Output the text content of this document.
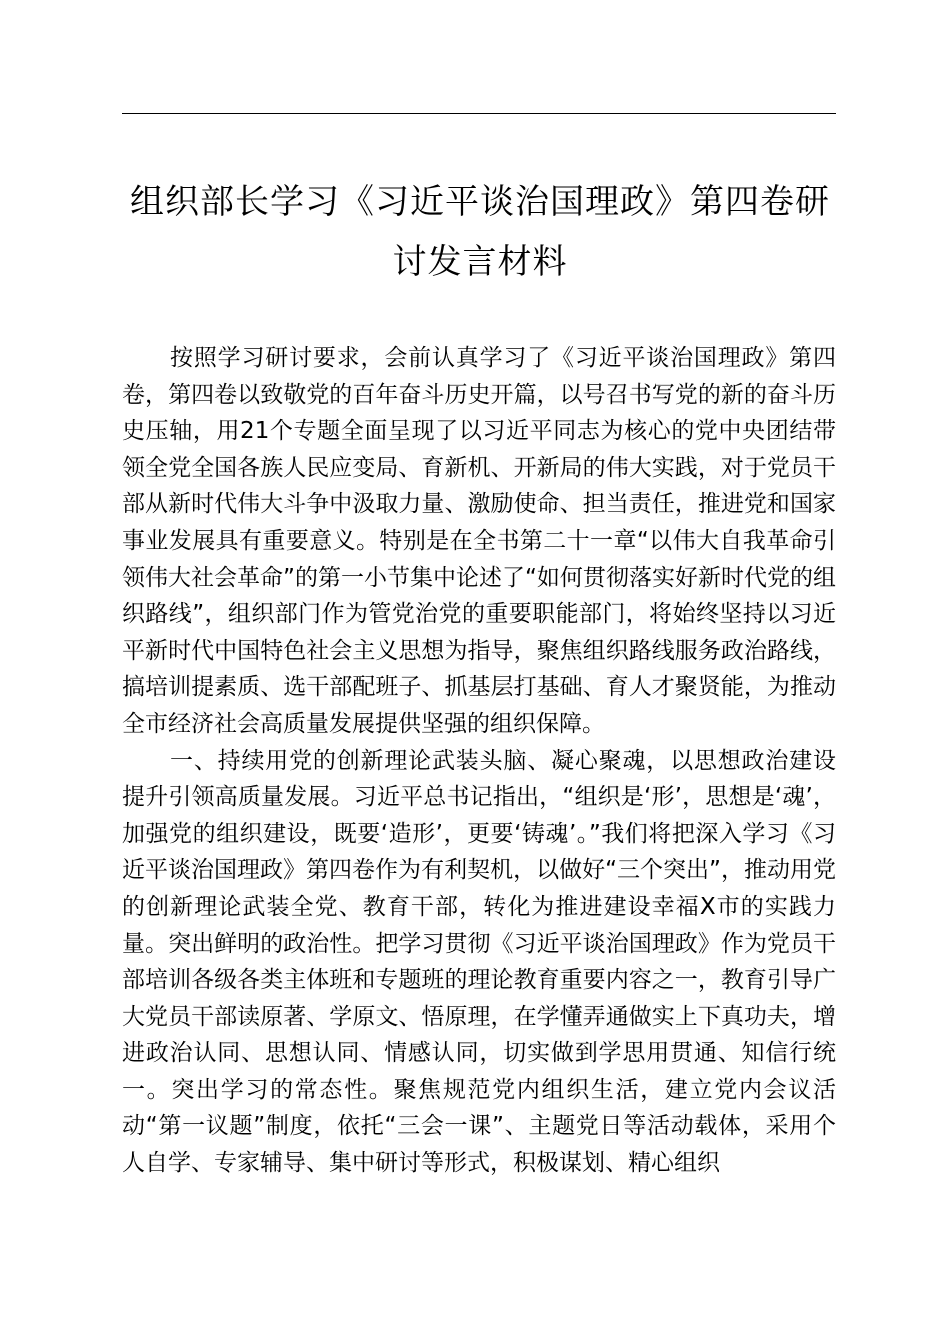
组织部长学习《习近平谈治国理政》第四卷研
讨发言材料

按照学习研讨要求，会前认真学习了《习近平谈治国理政》第四卷，第四卷以致敬党的百年奋斗历史开篇，以号召书写党的新的奋斗历史压轴，用21个专题全面呈现了以习近平同志为核心的党中央团结带领全党全国各族人民应变局、育新机、开新局的伟大实践，对于党员干部从新时代伟大斗争中汲取力量、激励使命、担当责任，推进党和国家事业发展具有重要意义。特别是在全书第二十一章“以伟大自我革命引领伟大社会革命”的第一小节集中论述了“如何贯彻落实好新时代党的组织路线”，组织部门作为管党治党的重要职能部门，将始终坚持以习近平新时代中国特色社会主义思想为指导，聚焦组织路线服务政治路线，搞培训提素质、选干部配班子、抓基层打基础、育人才聚贤能，为推动全市经济社会高质量发展提供坚强的组织保障。

一、持续用党的创新理论武装头脑、凝心聚魂，以思想政治建设提升引领高质量发展。习近平总书记指出，“组织是‘形’，思想是‘魂’，加强党的组织建设，既要‘造形’，更要‘铸魂’。”我们将把深入学习《习近平谈治国理政》第四卷作为有利契机，以做好“三个突出”，推动用党的创新理论武装全党、教育干部，转化为推进建设幸福X市的实践力量。突出鲜明的政治性。把学习贯彻《习近平谈治国理政》作为党员干部培训各级各类主体班和专题班的理论教育重要内容之一，教育引导广大党员干部读原著、学原文、悟原理，在学懂弄通做实上下真功夫，增进政治认同、思想认同、情感认同，切实做到学思用贯通、知信行统一。突出学习的常态性。聚焦规范党内组织生活，建立党内会议活动“第一议题”制度，依托“三会一课”、主题党日等活动载体，采用个人自学、专家辅导、集中研讨等形式，积极谋划、精心组织
